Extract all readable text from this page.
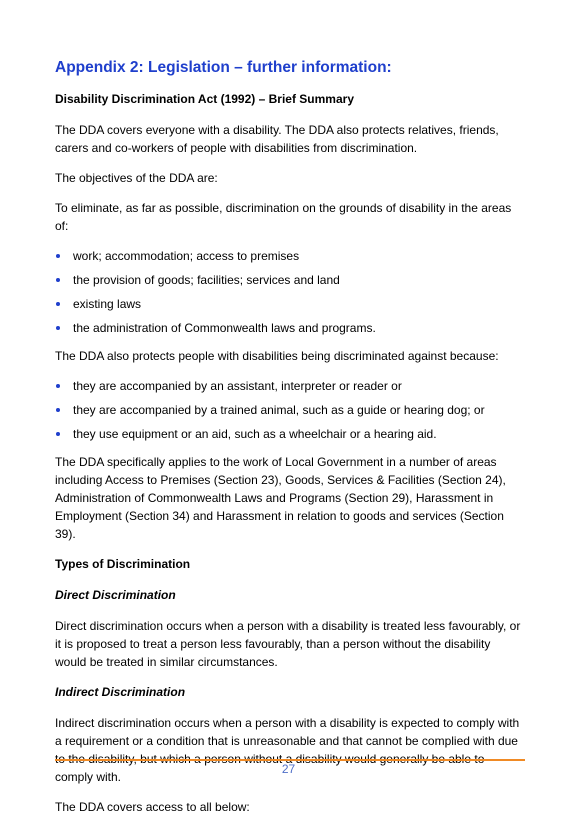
Appendix 2: Legislation – further information:
Disability Discrimination Act (1992) – Brief Summary

The DDA covers everyone with a disability. The DDA also protects relatives, friends, carers and co-workers of people with disabilities from discrimination.

The objectives of the DDA are:

To eliminate, as far as possible, discrimination on the grounds of disability in the areas of:

work; accommodation; access to premises
the provision of goods; facilities; services and land
existing laws
the administration of Commonwealth laws and programs.

The DDA also protects people with disabilities being discriminated against because:

they are accompanied by an assistant, interpreter or reader or
they are accompanied by a trained animal, such as a guide or hearing dog; or
they use equipment or an aid, such as a wheelchair or a hearing aid.

The DDA specifically applies to the work of Local Government in a number of areas including Access to Premises (Section 23), Goods, Services & Facilities (Section 24), Administration of Commonwealth Laws and Programs (Section 29), Harassment in Employment (Section 34) and Harassment in relation to goods and services (Section 39).

Types of Discrimination
Direct Discrimination

Direct discrimination occurs when a person with a disability is treated less favourably, or it is proposed to treat a person less favourably, than a person without the disability would be treated in similar circumstances.

Indirect Discrimination

Indirect discrimination occurs when a person with a disability is expected to comply with a requirement or a condition that is unreasonable and that cannot be complied with due comply with.

The DDA covers access to all below:

27
